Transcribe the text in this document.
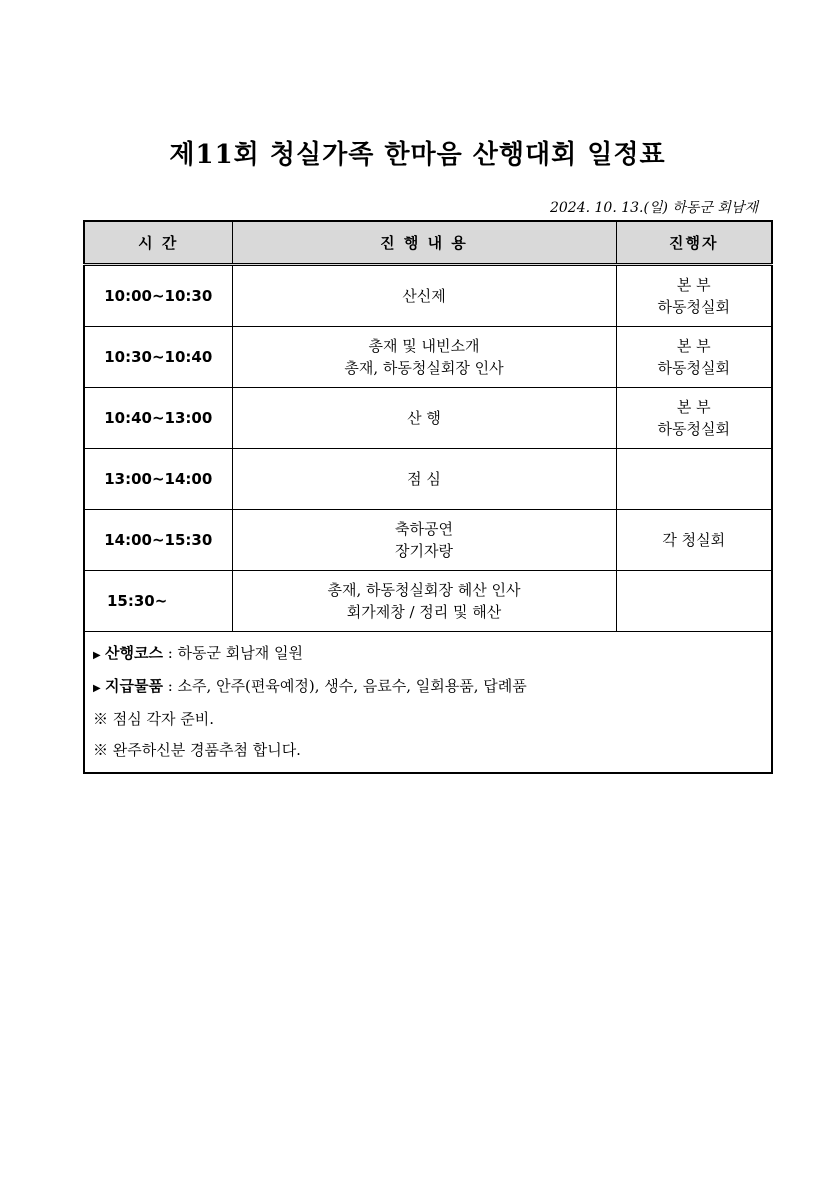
제11회 청실가족 한마음 산행대회 일정표
2024. 10. 13.(일) 하동군 회남재
시 간	진 행 내 용	진행자
10:00~10:30	산신제	본 부
하동청실회

10:30~10:40	총재 및 내빈소개
총재, 하동청실회장 인사	본 부
하동청실회

10:40~13:00	산 행	본 부
하동청실회

13:00~14:00	점 심	

14:00~15:30	축하공연
장기자랑	각 청실회

15:30~	총재, 하동청실회장 헤산 인사
회가제창 / 정리 및 해산	

▶ 산행코스 : 하동군 회남재 일원
▶ 지급물품 : 소주, 안주(편육예정), 생수, 음료수, 일회용품, 답례품
※ 점심 각자 준비.
※ 완주하신분 경품추첨 합니다.		
